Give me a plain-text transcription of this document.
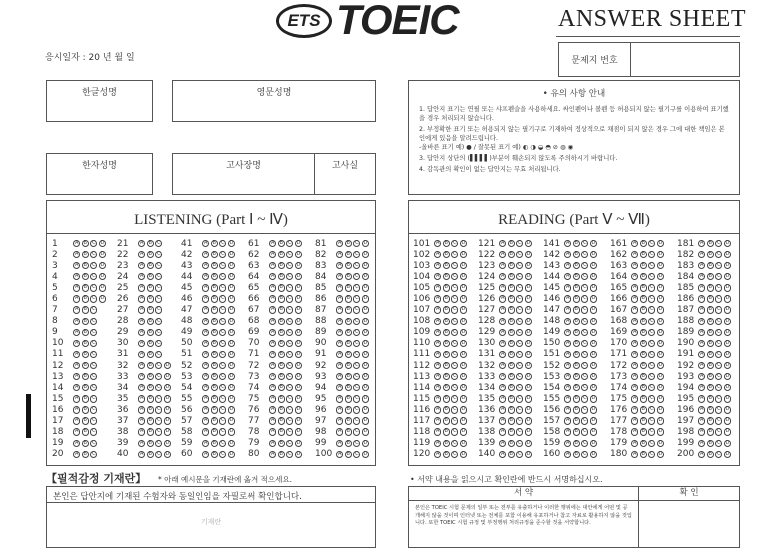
ETS TOEIC	ANSWER SHEET
응시일자 : 20 년 월 일	문제지 번호
한글성명	영문성명
한자성명	고사장명	고사실
• 유의 사항 안내

1. 답안지 표기는 연필 또는 샤프펜슬을 사용하세요. 싸인펜이나 볼펜 등 허용되지 않는 필기구를 이용하여 표기했을 경우 처리되지 않습니다.

2. 부정확한 표기 또는 허용되지 않는 필기구로 기재하여 정상적으로 채점이 되지 않은 경우 그에 대한 책임은 본인에게 있음을 알려드립니다.

-올바른 표기 예) ● / 잘못된 표기 예) ◐ ◑ ◒ ◓ ⊘ ◍ ◉

3. 답안지 상단의 (▌▌▌▌)부분이 훼손되지 않도록 주의하시기 바랍니다.

4. 감독관의 확인이 없는 답안지는 무효 처리됩니다.

LISTENING (Part Ⅰ ~ Ⅳ)	READING (Part Ⅴ ~ Ⅶ)
1	A	B	C D
2	A	B	C D
3	A	B	C D
4	A	B	C D
5	A	B	C D
6	A	B	C D
7	A	B	C
8	A	B	C
9	A	B	C
10	A	B	C
11	A	B	C
12	A	B	C
13	A	B	C
14	A	B	C
15	A	B	C
16	A	B	C
17	A	B	C
18	A	B	C
19	A	B	C
20	A	B	C
21	A	B	C
22	A	B	C
23	A	B	C
24	A	B	C
25	A	B	C
26	A	B	C
27	A	B	C
28	A	B	C
29	A	B	C
30	A	B	C
31	A	B	C
32	A	B	C D
33	A	B	C D
34	A	B	C D
35	A	B	C D
36	A	B	C D
37	A	B	C D
38	A	B	C D
39	A	B	C D
40	A	B	C D
41	A	B	C D
42	A	B	C D
43	A	B	C D
44	A	B	C D
45	A	B	C D
46	A	B	C D
47	A	B	C D
48	A	B	C D
49	A	B	C D
50	A	B	C D
51	A	B	C D
52	A	B	C D
53	A	B	C D
54	A	B	C D
55	A	B	C D
56	A	B	C D
57	A	B	C D
58	A	B	C D
59	A	B	C D
60	A	B	C D
61	A	B	C D
62	A	B	C D
63	A	B	C D
64	A	B	C D
65	A	B	C D
66	A	B	C D
67	A	B	C D
68	A	B	C D
69	A	B	C D
70	A	B	C D
71	A	B	C D
72	A	B	C D
73	A	B	C D
74	A	B	C D
75	A	B	C D
76	A	B	C D
77	A	B	C D
78	A	B	C D
79	A	B	C D
80	A	B	C D
81	A	B	C D
82	A	B	C D
83	A	B	C D
84	A	B	C D
85	A	B	C D
86	A	B	C D
87	A	B	C D
88	A	B	C D
89	A	B	C D
90	A	B	C D
91	A	B	C D
92	A	B	C D
93	A	B	C D
94	A	B	C D
95	A	B	C D
96	A	B	C D
97	A	B	C D
98	A	B	C D
99	A	B	C D
100	A	B	C D
101	A	B	C D
102	A	B	C D
103	A	B	C D
104	A	B	C D
105	A	B	C D
106	A	B	C D
107	A	B	C D
108	A	B	C D
109	A	B	C D
110	A	B	C D
111	A	B	C D
112	A	B	C D
113	A	B	C D
114	A	B	C D
115	A	B	C D
116	A	B	C D
117	A	B	C D
118	A	B	C D
119	A	B	C D
120	A	B	C D
121	A	B	C D
122	A	B	C D
123	A	B	C D
124	A	B	C D
125	A	B	C D
126	A	B	C D
127	A	B	C D
128	A	B	C D
129	A	B	C D
130	A	B	C D
131	A	B	C D
132	A	B	C D
133	A	B	C D
134	A	B	C D
135	A	B	C D
136	A	B	C D
137	A	B	C D
138	A	B	C D
139	A	B	C D
140	A	B	C D
141	A	B	C D
142	A	B	C D
143	A	B	C D
144	A	B	C D
145	A	B	C D
146	A	B	C D
147	A	B	C D
148	A	B	C D
149	A	B	C D
150	A	B	C D
151	A	B	C D
152	A	B	C D
153	A	B	C D
154	A	B	C D
155	A	B	C D
156	A	B	C D
157	A	B	C D
158	A	B	C D
159	A	B	C D
160	A	B	C D
161	A	B	C D
162	A	B	C D
163	A	B	C D
164	A	B	C D
165	A	B	C D
166	A	B	C D
167	A	B	C D
168	A	B	C D
169	A	B	C D
170	A	B	C D
171	A	B	C D
172	A	B	C D
173	A	B	C D
174	A	B	C D
175	A	B	C D
176	A	B	C D
177	A	B	C D
178	A	B	C D
179	A	B	C D
180	A	B	C D
181	A	B	C D
182	A	B	C D
183	A	B	C D
184	A	B	C D
185	A	B	C D
186	A	B	C D
187	A	B	C D
188	A	B	C D
189	A	B	C D
190	A	B	C D
191	A	B	C D
192	A	B	C D
193	A	B	C D
194	A	B	C D
195	A	B	C D
196	A	B	C D
197	A	B	C D
198	A	B	C D
199	A	B	C D
200	A	B	C D
【필적감정 기재란】 * 아래 예시문을 기재란에 옮겨 적으세요.
본인은 답안지에 기재된 수험자와 동일인임을 자필로써 확인합니다.
기재란
• 서약 내용을 읽으시고 확인란에 반드시 서명하십시오.
서 약
본인은 TOEIC 시험 문제의 일부 또는 전부를 유출하거나 이러한 행위에는 대안에게 어떤 및 공개해지 않을 것이며 인터넷 또는 전체를 포함 이용해 유포하거나 참고 자료로 활용하지 않을 것입니다. 또한 TOEIC 시험 규정 및 부정행위 처리규정을 준수할 것을 서약합니다.
확 인
